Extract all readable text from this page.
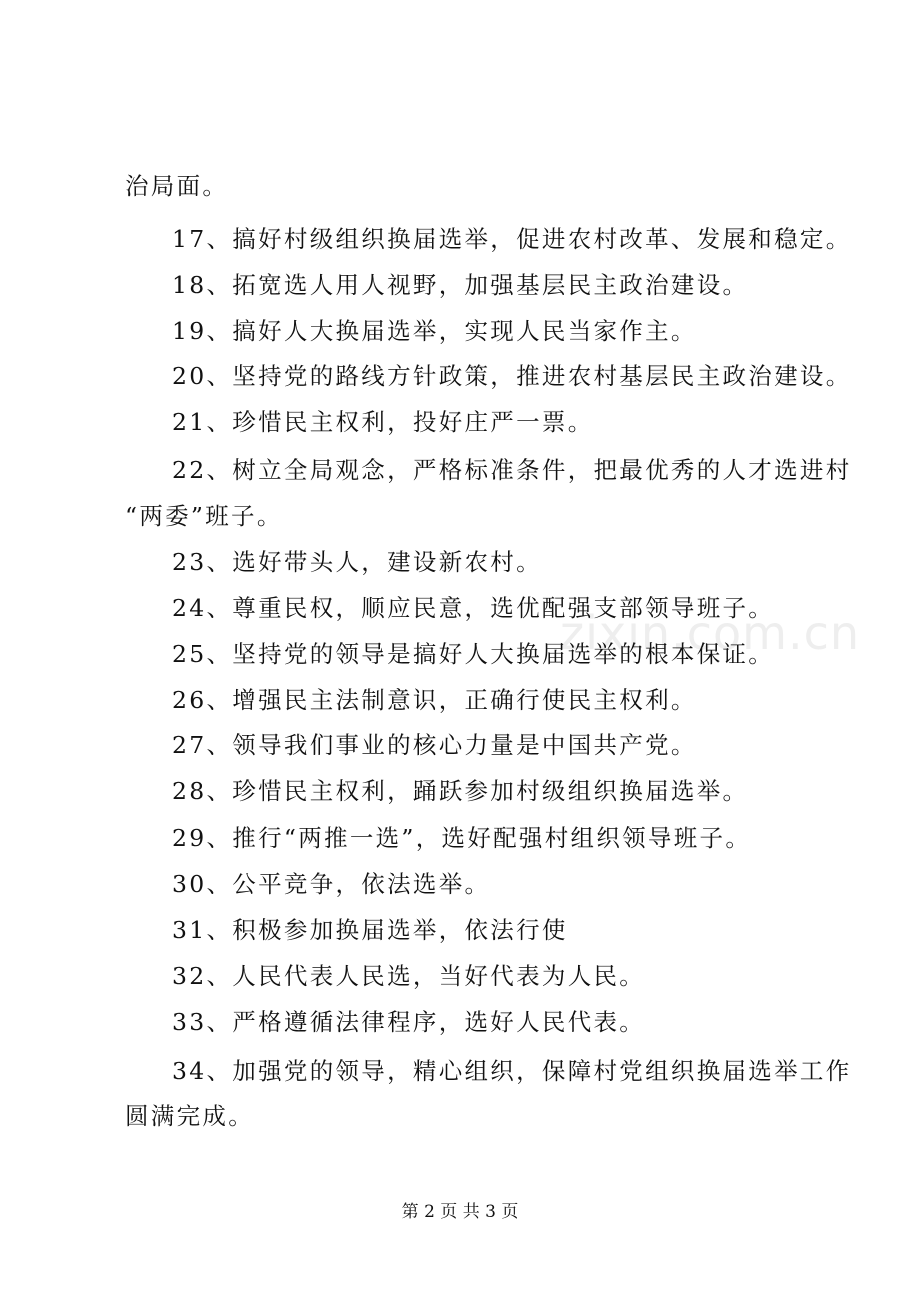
zixin.com.cn
治局面。
17、搞好村级组织换届选举，促进农村改革、发展和稳定。
18、拓宽选人用人视野，加强基层民主政治建设。
19、搞好人大换届选举，实现人民当家作主。
20、坚持党的路线方针政策，推进农村基层民主政治建设。
21、珍惜民主权利，投好庄严一票。
22、树立全局观念，严格标准条件，把最优秀的人才选进村
“两委”班子。
23、选好带头人，建设新农村。
24、尊重民权，顺应民意，选优配强支部领导班子。
25、坚持党的领导是搞好人大换届选举的根本保证。
26、增强民主法制意识，正确行使民主权利。
27、领导我们事业的核心力量是中国共产党。
28、珍惜民主权利，踊跃参加村级组织换届选举。
29、推行“两推一选”，选好配强村组织领导班子。
30、公平竞争，依法选举。
31、积极参加换届选举，依法行使
32、人民代表人民选，当好代表为人民。
33、严格遵循法律程序，选好人民代表。
34、加强党的领导，精心组织，保障村党组织换届选举工作
圆满完成。
第 2 页 共 3 页
